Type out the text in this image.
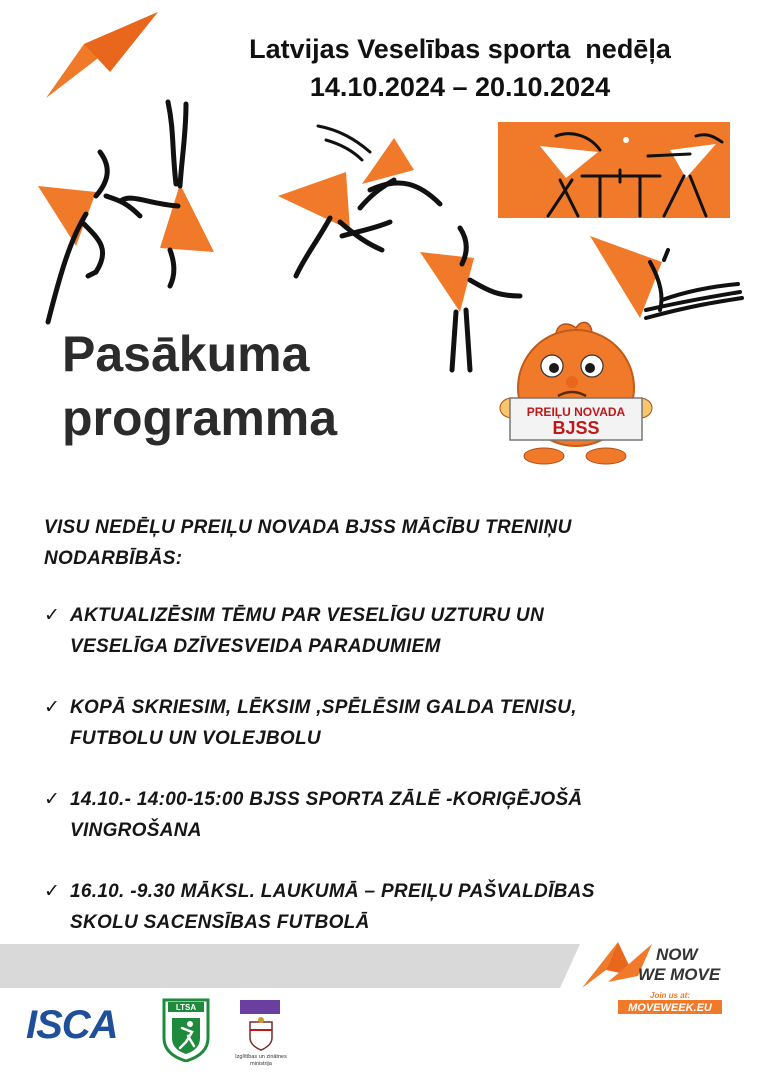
Latvijas Veselības sporta  nedēļa
14.10.2024 – 20.10.2024
Pasākuma
programma	PREIĻU NOVADA
BJSS
VISU NEDĒĻU PREIĻU NOVADA BJSS MĀCĪBU TRENIŅU
NODARBĪBĀS:
✓ AKTUALIZĒSIM TĒMU PAR VESELĪGU UZTURU UN
VESELĪGA DZĪVESVEIDA PARADUMIEM
✓ KOPĀ SKRIESIM, LĒKSIM ,SPĒLĒSIM GALDA TENISU,
FUTBOLU UN VOLEJBOLU
✓ 14.10.- 14:00-15:00 BJSS SPORTA ZĀLĒ -KORIĢĒJOŠĀ
VINGROŠANA
✓ 16.10. -9.30 MĀKSL. LAUKUMĀ – PREIĻU PAŠVALDĪBAS
SKOLU SACENSĪBAS FUTBOLĀ
NOW
WE MOVE
Join us at:
MOVEWEEK.EU
ISCA	LTSA
Izglītības un zinātnes
ministrija
